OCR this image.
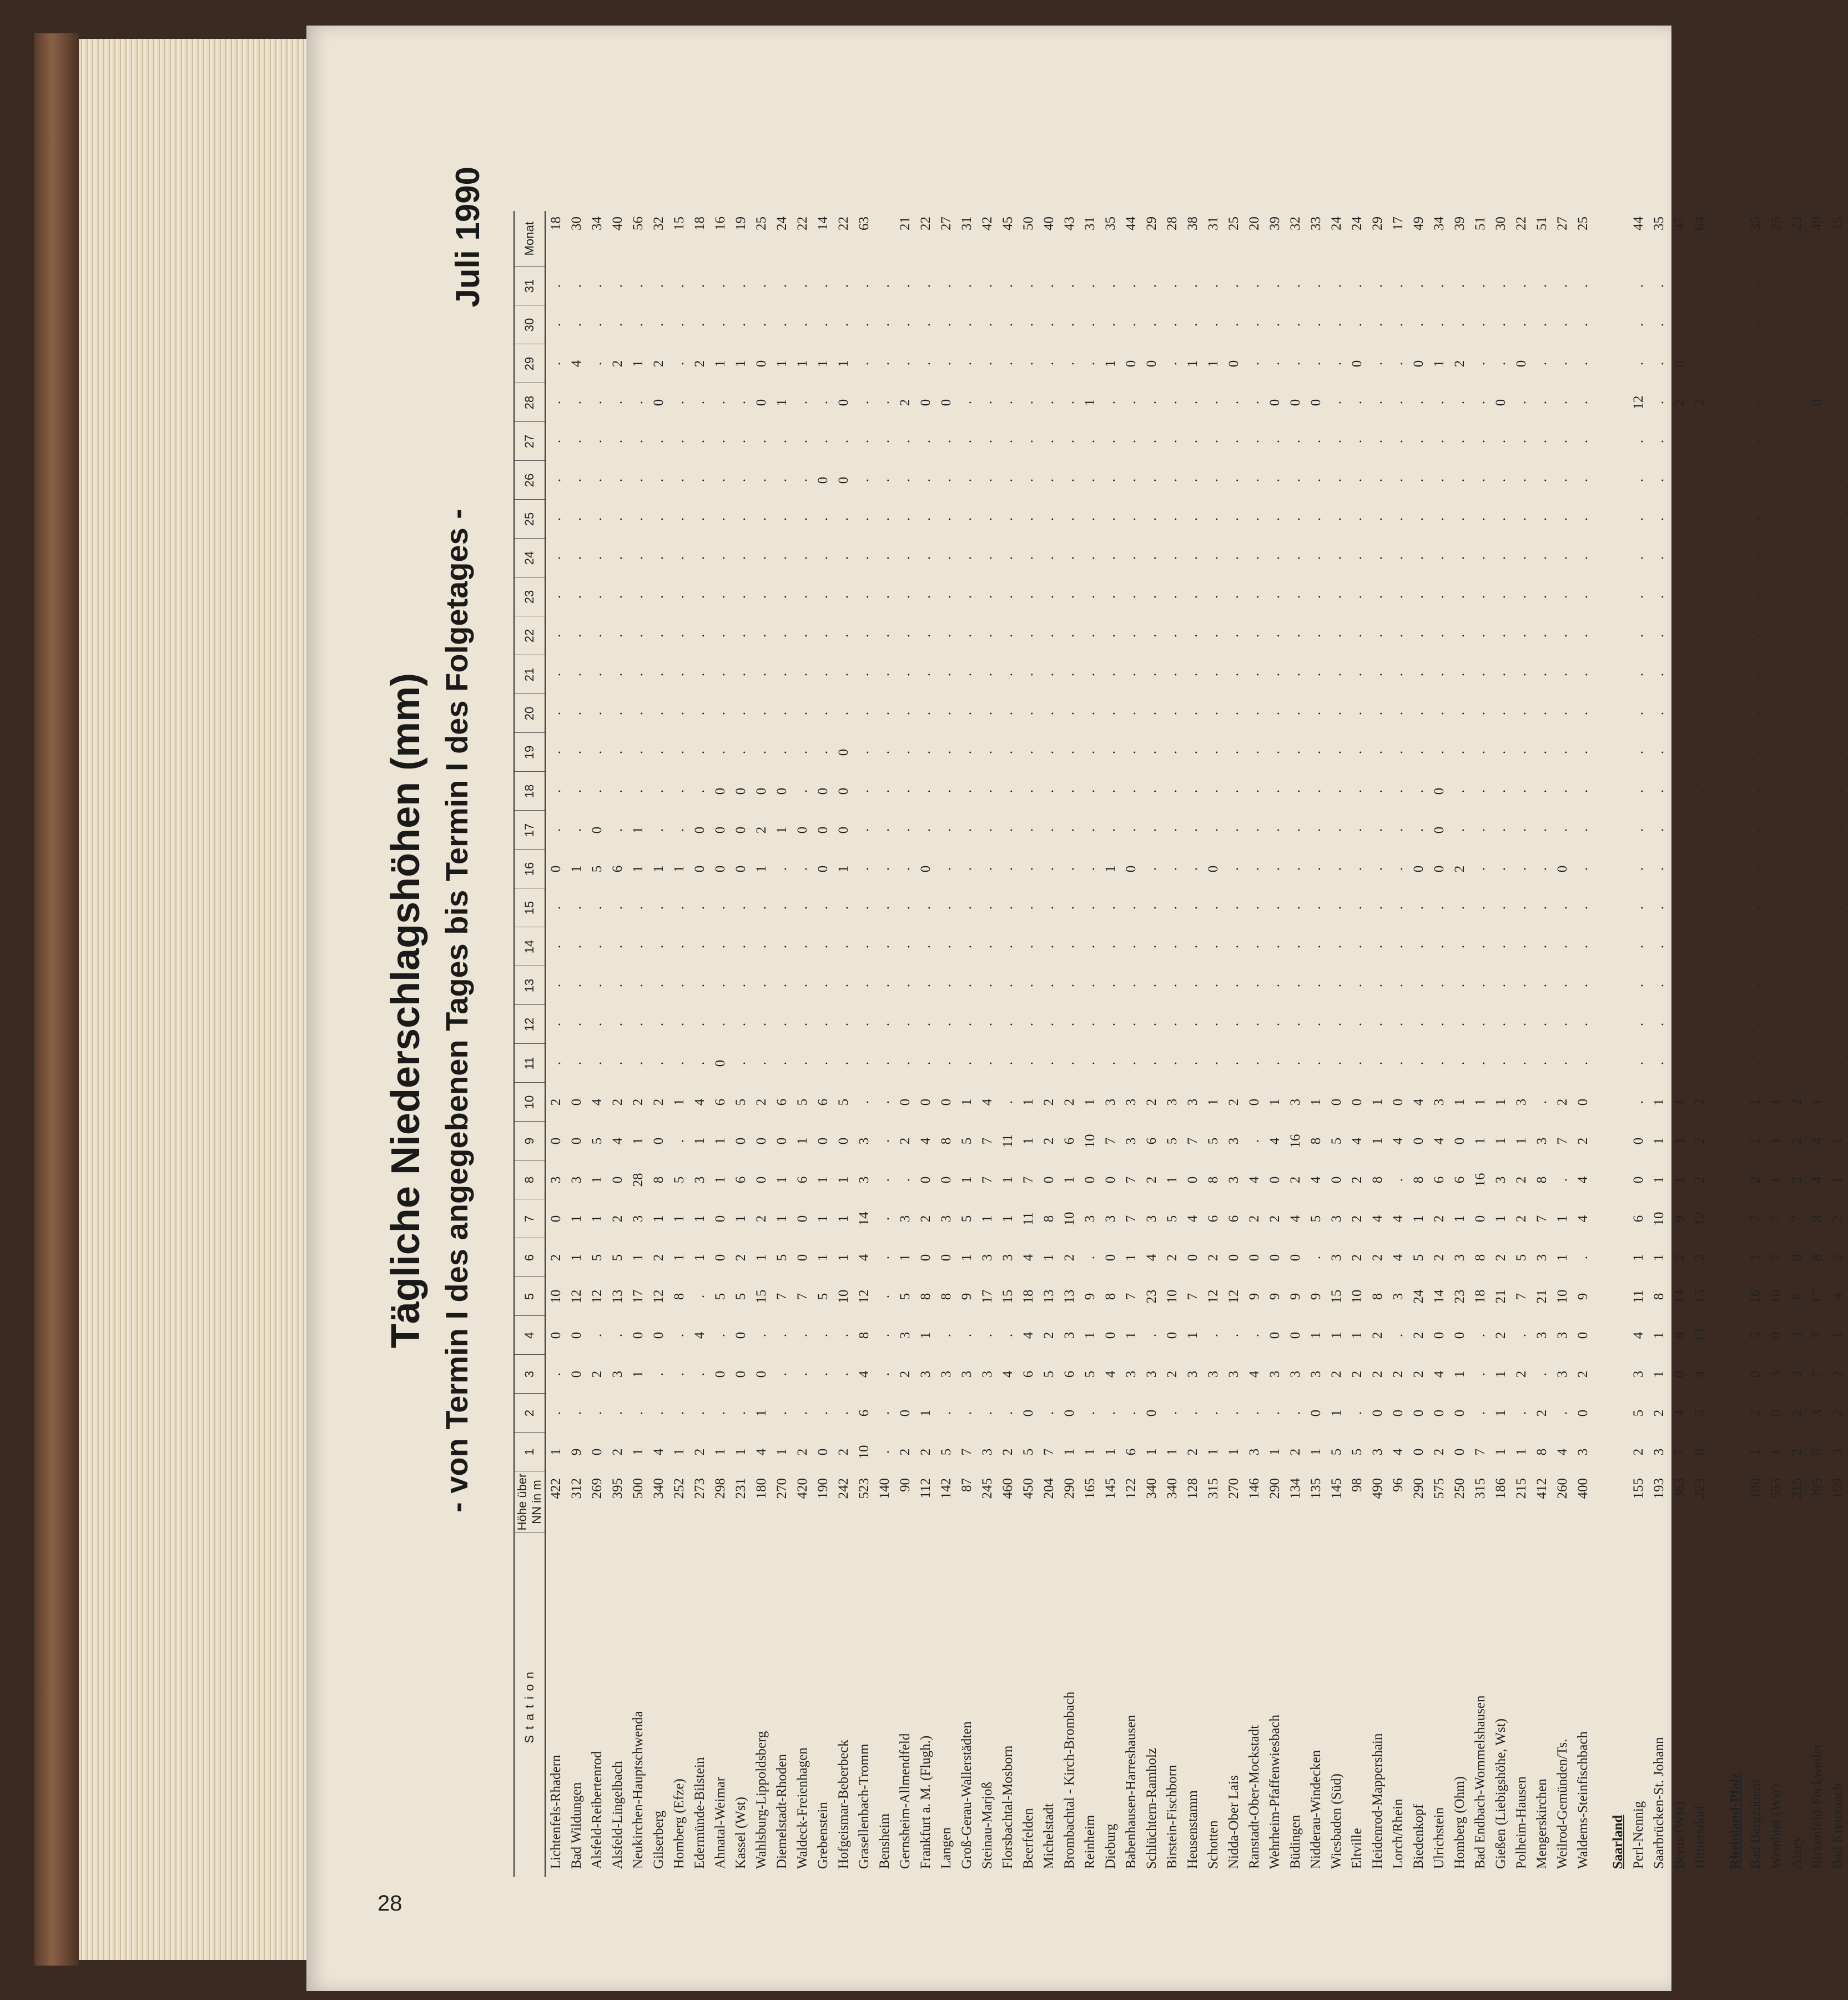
28
Tägliche Niederschlagshöhen (mm) - von Termin I des angegebenen Tages bis Termin I des Folgetages -
Juli 1990
Station	Höhe über NN in m	1	2	3	4	5	6	7	8	9	10	11	12	13	14	15	16	17	18	19	20	21	22	23	24	25	26	27	28	29	30	31	Monat
Lichtenfels-Rhadern	422	1	.	.	0	10	2	0	3	0	2	.	.	.	.	.	0	.	.	.	.	.	.	.	.	.	.	.	.	.	.	.	18
Bad Wildungen	312	9	.	0	0	12	1	1	3	0	0	.	.	.	.	.	1	.	.	.	.	.	.	.	.	.	.	.	.	4	.	.	30
Alsfeld-Reibertenrod	269	0	.	2	.	12	5	1	1	5	4	.	.	.	.	.	5	0	.	.	.	.	.	.	.	.	.	.	.	.	.	.	34
Alsfeld-Lingelbach	395	2	.	3	.	13	5	2	0	4	2	.	.	.	.	.	6	.	.	.	.	.	.	.	.	.	.	.	.	2	.	.	40
Neukirchen-Hauptschwenda	500	1	.	1	0	17	1	3	28	1	2	.	.	.	.	.	1	1	.	.	.	.	.	.	.	.	.	.	.	1	.	.	56
Gilserberg	340	4	.	.	0	12	2	1	8	0	2	.	.	.	.	.	1	.	.	.	.	.	.	.	.	.	.	.	0	2	.	.	32
Homberg (Efze)	252	1	.	.	.	8	1	1	5	.	1	.	.	.	.	.	1	.	.	.	.	.	.	.	.	.	.	.	.	.	.	.	15
Edermünde-Bilstein	273	2	.	.	4	.	1	1	3	1	4	.	.	.	.	.	0	0	.	.	.	.	.	.	.	.	.	.	.	2	.	.	18
Ahnatal-Weimar	298	1	.	0	.	5	0	0	1	1	6	0	.	.	.	.	0	0	0	.	.	.	.	.	.	.	.	.	.	1	.	.	16
Kassel (Wst)	231	1	.	0	0	5	2	1	6	0	5	.	.	.	.	.	0	0	0	.	.	.	.	.	.	.	.	.	.	1	.	.	19
Wahlsburg-Lippoldsberg	180	4	1	0	.	15	1	2	0	0	2	.	.	.	.	.	1	2	0	.	.	.	.	.	.	.	.	.	0	0	.	.	25
Diemelstadt-Rhoden	270	1	.	.	.	7	5	1	1	0	6	.	.	.	.	.	.	1	0	.	.	.	.	.	.	.	.	.	1	1	.	.	24
Waldeck-Freienhagen	420	2	.	.	.	7	0	0	6	1	5	.	.	.	.	.	.	0	.	.	.	.	.	.	.	.	.	.	.	1	.	.	22
Grebenstein	190	0	.	.	.	5	1	1	1	0	6	.	.	.	.	.	0	0	0	.	.	.	.	.	.	.	0	.	.	1	.	.	14
Hofgeismar-Beberbeck	242	2	.	.	.	10	1	1	1	0	5	.	.	.	.	.	1	0	0	0	.	.	.	.	.	.	0	.	0	1	.	.	22
Grasellenbach-Tromm	523	10	6	4	8	12	4	14	3	3	.	.	.	.	.	.	.	.	.	.	.	.	.	.	.	.	.	.	.	.	.	.	63
Bensheim	140	.	.	.	.	.	.	.	.	.	.	.	.	.	.	.	.	.	.	.	.	.	.	.	.	.	.	.	.	.	.	.	
Gernsheim-Allmendfeld	90	2	0	2	3	5	1	3	.	2	0	.	.	.	.	.	.	.	.	.	.	.	.	.	.	.	.	.	2	.	.	.	21
Frankfurt a. M. (Flugh.)	112	2	1	3	1	8	0	2	0	4	0	.	.	.	.	.	0	.	.	.	.	.	.	.	.	.	.	.	0	.	.	.	22
Langen	142	5	.	3	.	8	0	3	0	8	0	.	.	.	.	.	.	.	.	.	.	.	.	.	.	.	.	.	0	.	.	.	27
Groß-Gerau-Wallerstädten	87	7	.	3	.	9	1	5	1	5	1	.	.	.	.	.	.	.	.	.	.	.	.	.	.	.	.	.	.	.	.	.	31
Steinau-Marjoß	245	3	.	3	.	17	3	1	7	7	4	.	.	.	.	.	.	.	.	.	.	.	.	.	.	.	.	.	.	.	.	.	42
Florsbachtal-Mosborn	460	2	.	4	.	15	3	1	1	11	.	.	.	.	.	.	.	.	.	.	.	.	.	.	.	.	.	.	.	.	.	.	45
Beerfelden	450	5	0	6	4	18	4	11	7	1	1	.	.	.	.	.	.	.	.	.	.	.	.	.	.	.	.	.	.	.	.	.	50
Michelstadt	204	7	.	5	2	13	1	8	0	2	2	.	.	.	.	.	.	.	.	.	.	.	.	.	.	.	.	.	.	.	.	.	40
Brombachtal - Kirch-Brombach	290	1	0	6	3	13	2	10	1	6	2	.	.	.	.	.	.	.	.	.	.	.	.	.	.	.	.	.	.	.	.	.	43
Reinheim	165	1	.	5	1	9	.	3	0	10	1	.	.	.	.	.	.	.	.	.	.	.	.	.	.	.	.	.	1	.	.	.	31
Dieburg	145	1	.	4	0	8	0	3	0	7	3	.	.	.	.	.	1	.	.	.	.	.	.	.	.	.	.	.	.	1	.	.	35
Babenhausen-Harreshausen	122	6	.	3	1	7	1	7	7	3	3	.	.	.	.	.	0	.	.	.	.	.	.	.	.	.	.	.	.	0	.	.	44
Schlüchtern-Ramholz	340	1	0	3	.	23	4	3	2	6	2	.	.	.	.	.	.	.	.	.	.	.	.	.	.	.	.	.	.	0	.	.	29
Birstein-Fischborn	340	1	.	2	0	10	2	5	1	5	3	.	.	.	.	.	.	.	.	.	.	.	.	.	.	.	.	.	.	.	.	.	28
Heusenstamm	128	2	.	3	1	7	0	4	0	7	3	.	.	.	.	.	.	.	.	.	.	.	.	.	.	.	.	.	.	1	.	.	38
Schotten	315	1	.	3	.	12	2	6	8	5	1	.	.	.	.	.	0	.	.	.	.	.	.	.	.	.	.	.	.	1	.	.	31
Nidda-Ober Lais	270	1	.	3	.	12	0	6	3	3	2	.	.	.	.	.	.	.	.	.	.	.	.	.	.	.	.	.	.	0	.	.	25
Ranstadt-Ober-Mockstadt	146	3	.	4	.	9	0	2	4	.	0	.	.	.	.	.	.	.	.	.	.	.	.	.	.	.	.	.	.	.	.	.	20
Wehrheim-Pfaffenwiesbach	290	1	.	3	0	9	0	2	0	4	1	.	.	.	.	.	.	.	.	.	.	.	.	.	.	.	.	.	0	.	.	.	39
Büdingen	134	2	.	3	0	9	0	4	2	16	3	.	.	.	.	.	.	.	.	.	.	.	.	.	.	.	.	.	0	.	.	.	32
Nidderau-Windecken	135	1	0	3	1	9	.	5	4	8	1	.	.	.	.	.	.	.	.	.	.	.	.	.	.	.	.	.	0	.	.	.	33
Wiesbaden (Süd)	145	5	1	2	1	15	3	3	0	5	0	.	.	.	.	.	.	.	.	.	.	.	.	.	.	.	.	.	.	.	.	.	24
Eltville	98	5	.	2	1	10	2	2	2	4	0	.	.	.	.	.	.	.	.	.	.	.	.	.	.	.	.	.	.	0	.	.	24
Heidenrod-Mappershain	490	3	0	2	2	8	2	4	8	1	1	.	.	.	.	.	.	.	.	.	.	.	.	.	.	.	.	.	.	.	.	.	29
Lorch/Rhein	96	4	0	2	.	3	4	4	.	4	0	.	.	.	.	.	.	.	.	.	.	.	.	.	.	.	.	.	.	.	.	.	17
Biedenkopf	290	0	0	2	2	24	5	1	8	0	4	.	.	.	.	.	0	.	.	.	.	.	.	.	.	.	.	.	.	0	.	.	49
Ulrichstein	575	2	0	4	0	14	2	2	6	4	3	.	.	.	.	.	0	0	0	.	.	.	.	.	.	.	.	.	.	1	.	.	34
Homberg (Ohm)	250	0	0	1	0	23	3	1	6	0	1	.	.	.	.	.	2	.	.	.	.	.	.	.	.	.	.	.	.	2	.	.	39
Bad Endbach-Wommelshausen	315	7	.	.	.	18	8	0	16	1	1	.	.	.	.	.	.	.	.	.	.	.	.	.	.	.	.	.	.	.	.	.	51
Gießen (Liebigshöhe, Wst)	186	1	1	1	2	21	2	1	3	1	1	.	.	.	.	.	.	.	.	.	.	.	.	.	.	.	.	.	0	.	.	.	30
Polheim-Hausen	215	1	.	2	.	7	5	2	2	1	3	.	.	.	.	.	.	.	.	.	.	.	.	.	.	.	.	.	.	0	.	.	22
Mengerskirchen	412	8	2	.	3	21	3	7	8	3	.	.	.	.	.	.	.	.	.	.	.	.	.	.	.	.	.	.	.	.	.	.	51
Weilrod-Gemünden/Ts.	260	4	.	3	3	10	1	1	.	7	2	.	.	.	.	.	0	.	.	.	.	.	.	.	.	.	.	.	.	.	.	.	27
Waldems-Steinfischbach	400	3	0	2	0	9	.	4	4	2	0	.	.	.	.	.	.	.	.	.	.	.	.	.	.	.	.	.	.	.	.	.	25

Saarland																																	
Perl-Nennig	155	2	5	3	4	11	1	6	0	0	.	.	.	.	.	.	.	.	.	.	.	.	.	.	.	.	.	.	12	.	.	.	44
Saarbrücken-St. Johann	193	3	2	1	1	8	1	10	1	1	1	.	.	.	.	.	.	.	.	.	.	.	.	.	.	.	.	.	.	.	.	.	35
Berus (Wst)	363	7	4	0	8	14	2	9	1	1	1	.	.	.	.	.	.	.	.	.	.	.	.	.	.	.	.	.	2	0	.	.	47
Hüttersdorf	223	8	5	4	13	15	2	12	2	2	2	.	.	.	.	.	.	.	.	.	.	.	.	.	.	.	.	.	2	.	.	.	64

Rheinland-Pfalz																																	
Bad Bergzabern	180	1	2	0	5	16	1	7	2	1	1	.	.	.	.	.	.	.	.	.	.	.	.	.	.	.	.	.	.	.	.	.	35
Weinbiet (Wst)	553	1	0	3	0	10	7	7	1	1	1	.	.	.	.	.	.	.	.	.	.	.	.	.	.	.	.	.	.	.	.	.	25
Alzey	215	2	2	3	3	6	0	7	2	2	2	.	.	.	.	.	.	.	.	.	.	.	.	.	.	.	.	.	.	.	.	.	23
Birkenfeld-Feckweiler	395	5	3	7	7	17	8	8	4	4	1	.	.	.	.	.	.	.	.	.	.	.	.	.	.	.	.	.	0	.	.	.	49
Bad Kreuznach	159	3	2	2	1	4	2	2	1	1	.	.	.	.	.	.	.	.	.	.	.	.	.	.	.	.	.	.	.	.	.	.	15
